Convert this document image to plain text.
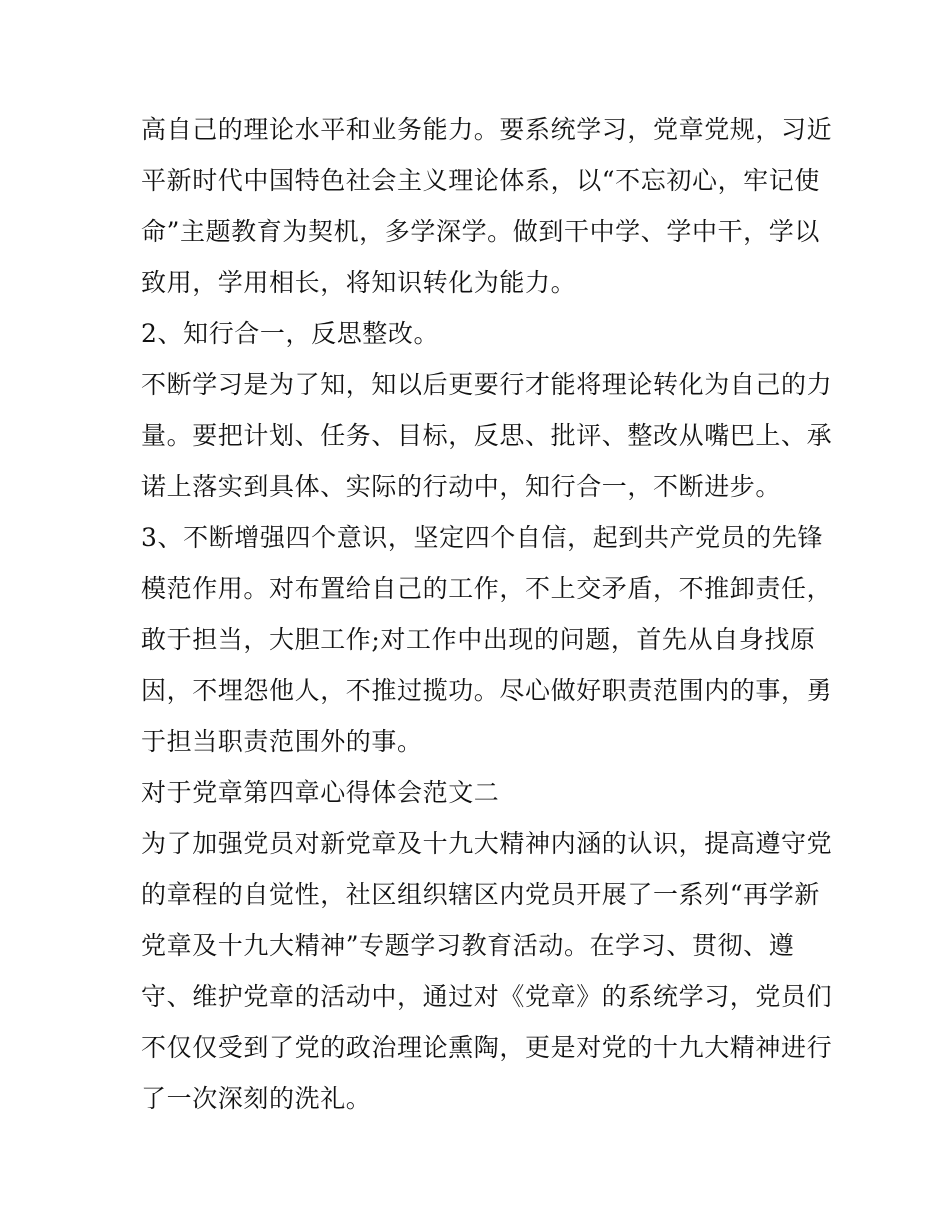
高自己的理论水平和业务能力。要系统学习，党章党规，习近
平新时代中国特色社会主义理论体系，以“不忘初心，牢记使
命”主题教育为契机，多学深学。做到干中学、学中干，学以
致用，学用相长，将知识转化为能力。
2、知行合一，反思整改。
不断学习是为了知，知以后更要行才能将理论转化为自己的力
量。要把计划、任务、目标，反思、批评、整改从嘴巴上、承
诺上落实到具体、实际的行动中，知行合一，不断进步。
3、不断增强四个意识，坚定四个自信，起到共产党员的先锋
模范作用。对布置给自己的工作，不上交矛盾，不推卸责任，
敢于担当，大胆工作;对工作中出现的问题，首先从自身找原
因，不埋怨他人，不推过揽功。尽心做好职责范围内的事，勇
于担当职责范围外的事。
对于党章第四章心得体会范文二
为了加强党员对新党章及十九大精神内涵的认识，提高遵守党
的章程的自觉性，社区组织辖区内党员开展了一系列“再学新
党章及十九大精神”专题学习教育活动。在学习、贯彻、遵
守、维护党章的活动中，通过对《党章》的系统学习，党员们
不仅仅受到了党的政治理论熏陶，更是对党的十九大精神进行
了一次深刻的洗礼。
